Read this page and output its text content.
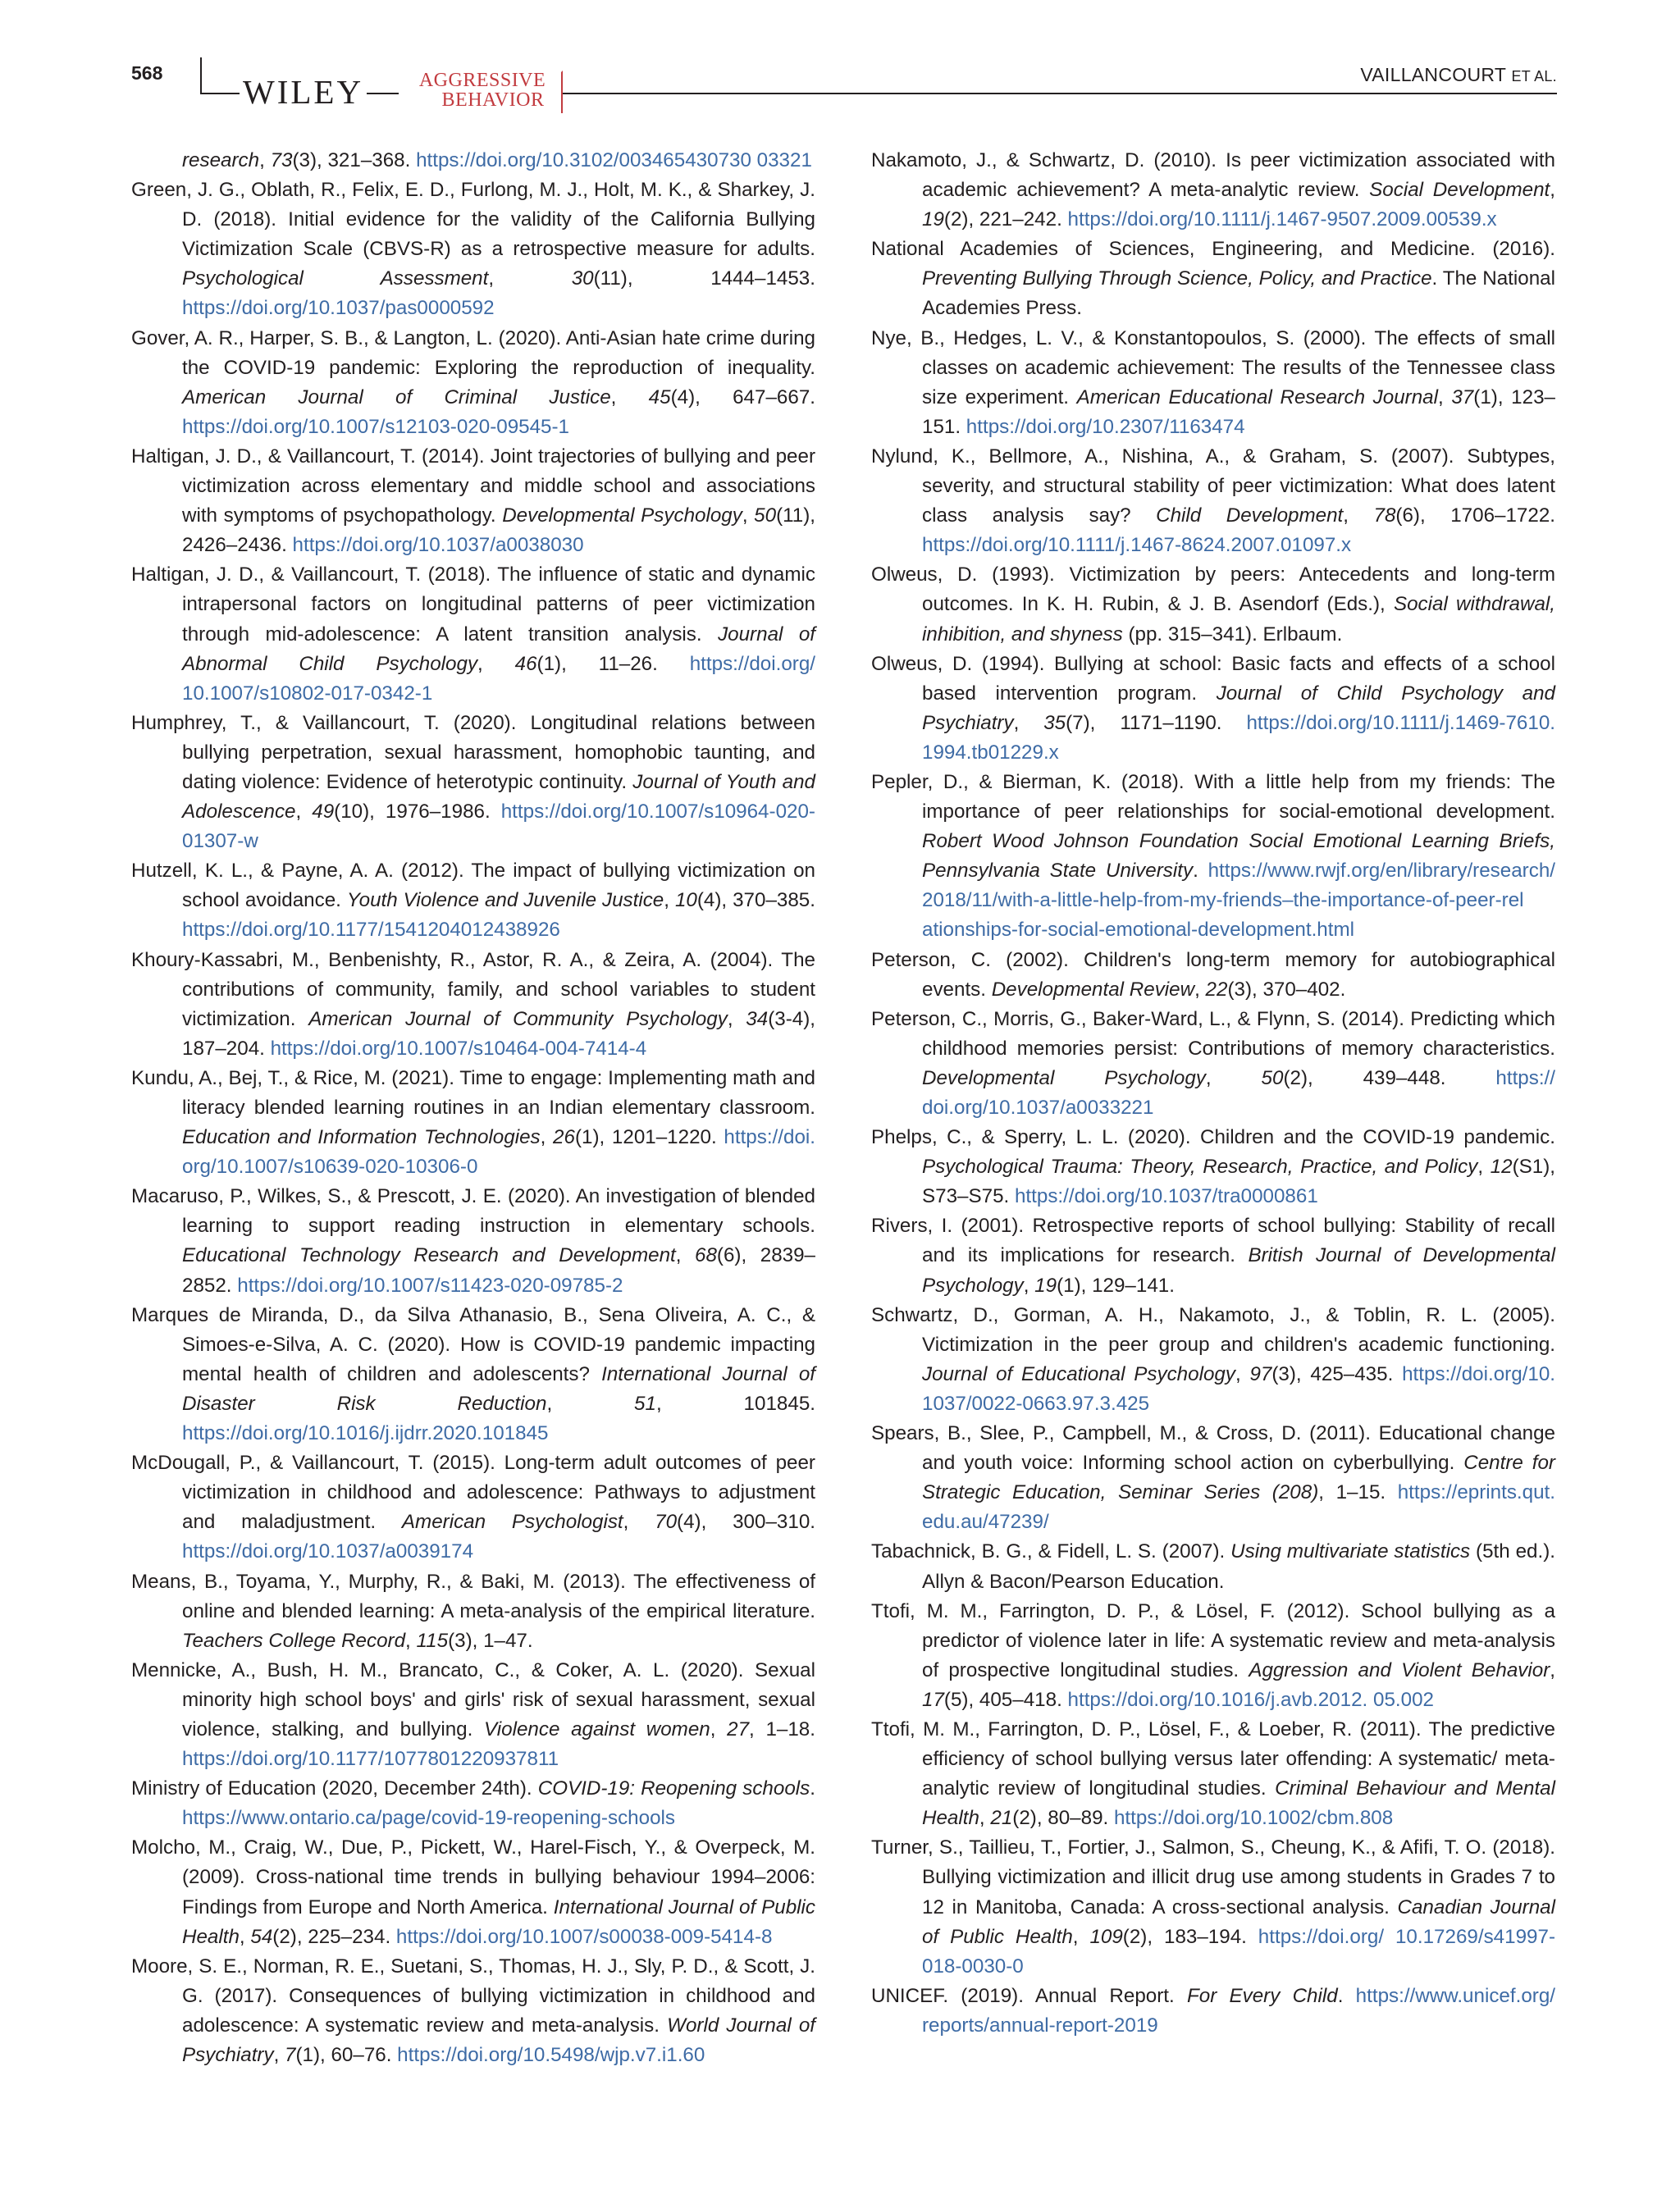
568 WILEY	AGGRESSIVE
BEHAVIOR
VAILLANCOURT ET AL.

research, 73(3), 321–368. https://doi.org/10.3102/003465430730 03321

Green, J. G., Oblath, R., Felix, E. D., Furlong, M. J., Holt, M. K., & Sharkey, J. D. (2018). Initial evidence for the validity of the California Bullying Victimization Scale (CBVS-R) as a retrospective measure for adults. Psychological Assessment, 30(11), 1444–1453. https://doi.org/10.1037/pas0000592

Gover, A. R., Harper, S. B., & Langton, L. (2020). Anti-Asian hate crime during the COVID-19 pandemic: Exploring the reproduction of inequality. American Journal of Criminal Justice, 45(4), 647–667. https://doi.org/10.1007/s12103-020-09545-1

Haltigan, J. D., & Vaillancourt, T. (2014). Joint trajectories of bullying and peer victimization across elementary and middle school and associations with symptoms of psychopathology. Developmental Psychology, 50(11), 2426–2436. https://doi.org/10.1037/a0038030

Haltigan, J. D., & Vaillancourt, T. (2018). The influence of static and dynamic intrapersonal factors on longitudinal patterns of peer victimization through mid-adolescence: A latent transition analysis. Journal of Abnormal Child Psychology, 46(1), 11–26. https://doi.org/ 10.1007/s10802-017-0342-1

Humphrey, T., & Vaillancourt, T. (2020). Longitudinal relations between bullying perpetration, sexual harassment, homophobic taunting, and dating violence: Evidence of heterotypic continuity. Journal of Youth and Adolescence, 49(10), 1976–1986. https://doi.org/10.1007/s10964-020- 01307-w

Hutzell, K. L., & Payne, A. A. (2012). The impact of bullying victimization on school avoidance. Youth Violence and Juvenile Justice, 10(4), 370–385. https://doi.org/10.1177/1541204012438926

Khoury-Kassabri, M., Benbenishty, R., Astor, R. A., & Zeira, A. (2004). The contributions of community, family, and school variables to student victimization. American Journal of Community Psychology, 34(3-4), 187–204. https://doi.org/10.1007/s10464-004-7414-4

Kundu, A., Bej, T., & Rice, M. (2021). Time to engage: Implementing math and literacy blended learning routines in an Indian elementary classroom. Education and Information Technologies, 26(1), 1201–1220. https://doi. org/10.1007/s10639-020-10306-0

Macaruso, P., Wilkes, S., & Prescott, J. E. (2020). An investigation of blended learning to support reading instruction in elementary schools. Educational Technology Research and Development, 68(6), 2839–2852. https://doi.org/10.1007/s11423-020-09785-2

Marques de Miranda, D., da Silva Athanasio, B., Sena Oliveira, A. C., & Simoes-e-Silva, A. C. (2020). How is COVID-19 pandemic impacting mental health of children and adolescents? International Journal of Disaster Risk Reduction, 51, 101845. https://doi.org/10.1016/j.ijdrr.2020.101845

McDougall, P., & Vaillancourt, T. (2015). Long-term adult outcomes of peer victimization in childhood and adolescence: Pathways to adjustment and maladjustment. American Psychologist, 70(4), 300–310. https://doi.org/10.1037/a0039174

Means, B., Toyama, Y., Murphy, R., & Baki, M. (2013). The effectiveness of online and blended learning: A meta-analysis of the empirical literature. Teachers College Record, 115(3), 1–47.

Mennicke, A., Bush, H. M., Brancato, C., & Coker, A. L. (2020). Sexual minority high school boys' and girls' risk of sexual harassment, sexual violence, stalking, and bullying. Violence against women, 27, 1–18. https://doi.org/10.1177/1077801220937811

Ministry of Education (2020, December 24th). COVID-19: Reopening schools. https://www.ontario.ca/page/covid-19-reopening-schools

Molcho, M., Craig, W., Due, P., Pickett, W., Harel-Fisch, Y., & Overpeck, M. (2009). Cross-national time trends in bullying behaviour 1994–2006: Findings from Europe and North America. International Journal of Public Health, 54(2), 225–234. https://doi.org/10.1007/s00038-009-5414-8

Moore, S. E., Norman, R. E., Suetani, S., Thomas, H. J., Sly, P. D., & Scott, J. G. (2017). Consequences of bullying victimization in childhood and adolescence: A systematic review and meta-analysis. World Journal of Psychiatry, 7(1), 60–76. https://doi.org/10.5498/wjp.v7.i1.60

Nakamoto, J., & Schwartz, D. (2010). Is peer victimization associated with academic achievement? A meta-analytic review. Social Development, 19(2), 221–242. https://doi.org/10.1111/j.1467-9507.2009.00539.x

National Academies of Sciences, Engineering, and Medicine. (2016). Preventing Bullying Through Science, Policy, and Practice. The National Academies Press.

Nye, B., Hedges, L. V., & Konstantopoulos, S. (2000). The effects of small classes on academic achievement: The results of the Tennessee class size experiment. American Educational Research Journal, 37(1), 123–151. https://doi.org/10.2307/1163474

Nylund, K., Bellmore, A., Nishina, A., & Graham, S. (2007). Subtypes, severity, and structural stability of peer victimization: What does latent class analysis say? Child Development, 78(6), 1706–1722. https://doi.org/10.1111/j.1467-8624.2007.01097.x

Olweus, D. (1993). Victimization by peers: Antecedents and long-term outcomes. In K. H. Rubin, & J. B. Asendorf (Eds.), Social withdrawal, inhibition, and shyness (pp. 315–341). Erlbaum.

Olweus, D. (1994). Bullying at school: Basic facts and effects of a school based intervention program. Journal of Child Psychology and Psychiatry, 35(7), 1171–1190. https://doi.org/10.1111/j.1469-7610. 1994.tb01229.x

Pepler, D., & Bierman, K. (2018). With a little help from my friends: The importance of peer relationships for social-emotional development. Robert Wood Johnson Foundation Social Emotional Learning Briefs, Pennsylvania State University. https://www.rwjf.org/en/library/research/ 2018/11/with-a-little-help-from-my-friends–the-importance-of-peer-rel ationships-for-social-emotional-development.html

Peterson, C. (2002). Children's long-term memory for autobiographical events. Developmental Review, 22(3), 370–402.

Peterson, C., Morris, G., Baker-Ward, L., & Flynn, S. (2014). Predicting which childhood memories persist: Contributions of memory characteristics. Developmental Psychology, 50(2), 439–448. https:// doi.org/10.1037/a0033221

Phelps, C., & Sperry, L. L. (2020). Children and the COVID-19 pandemic. Psychological Trauma: Theory, Research, Practice, and Policy, 12(S1), S73–S75. https://doi.org/10.1037/tra0000861

Rivers, I. (2001). Retrospective reports of school bullying: Stability of recall and its implications for research. British Journal of Developmental Psychology, 19(1), 129–141.

Schwartz, D., Gorman, A. H., Nakamoto, J., & Toblin, R. L. (2005). Victimization in the peer group and children's academic functioning. Journal of Educational Psychology, 97(3), 425–435. https://doi.org/10. 1037/0022-0663.97.3.425

Spears, B., Slee, P., Campbell, M., & Cross, D. (2011). Educational change and youth voice: Informing school action on cyberbullying. Centre for Strategic Education, Seminar Series (208), 1–15. https://eprints.qut. edu.au/47239/

Tabachnick, B. G., & Fidell, L. S. (2007). Using multivariate statistics (5th ed.). Allyn & Bacon/Pearson Education.

Ttofi, M. M., Farrington, D. P., & Lösel, F. (2012). School bullying as a predictor of violence later in life: A systematic review and meta-analysis of prospective longitudinal studies. Aggression and Violent Behavior, 17(5), 405–418. https://doi.org/10.1016/j.avb.2012. 05.002

Ttofi, M. M., Farrington, D. P., Lösel, F., & Loeber, R. (2011). The predictive efficiency of school bullying versus later offending: A systematic/ meta-analytic review of longitudinal studies. Criminal Behaviour and Mental Health, 21(2), 80–89. https://doi.org/10.1002/cbm.808

Turner, S., Taillieu, T., Fortier, J., Salmon, S., Cheung, K., & Afifi, T. O. (2018). Bullying victimization and illicit drug use among students in Grades 7 to 12 in Manitoba, Canada: A cross-sectional analysis. Canadian Journal of Public Health, 109(2), 183–194. https://doi.org/ 10.17269/s41997-018-0030-0

UNICEF. (2019). Annual Report. For Every Child. https://www.unicef.org/ reports/annual-report-2019
